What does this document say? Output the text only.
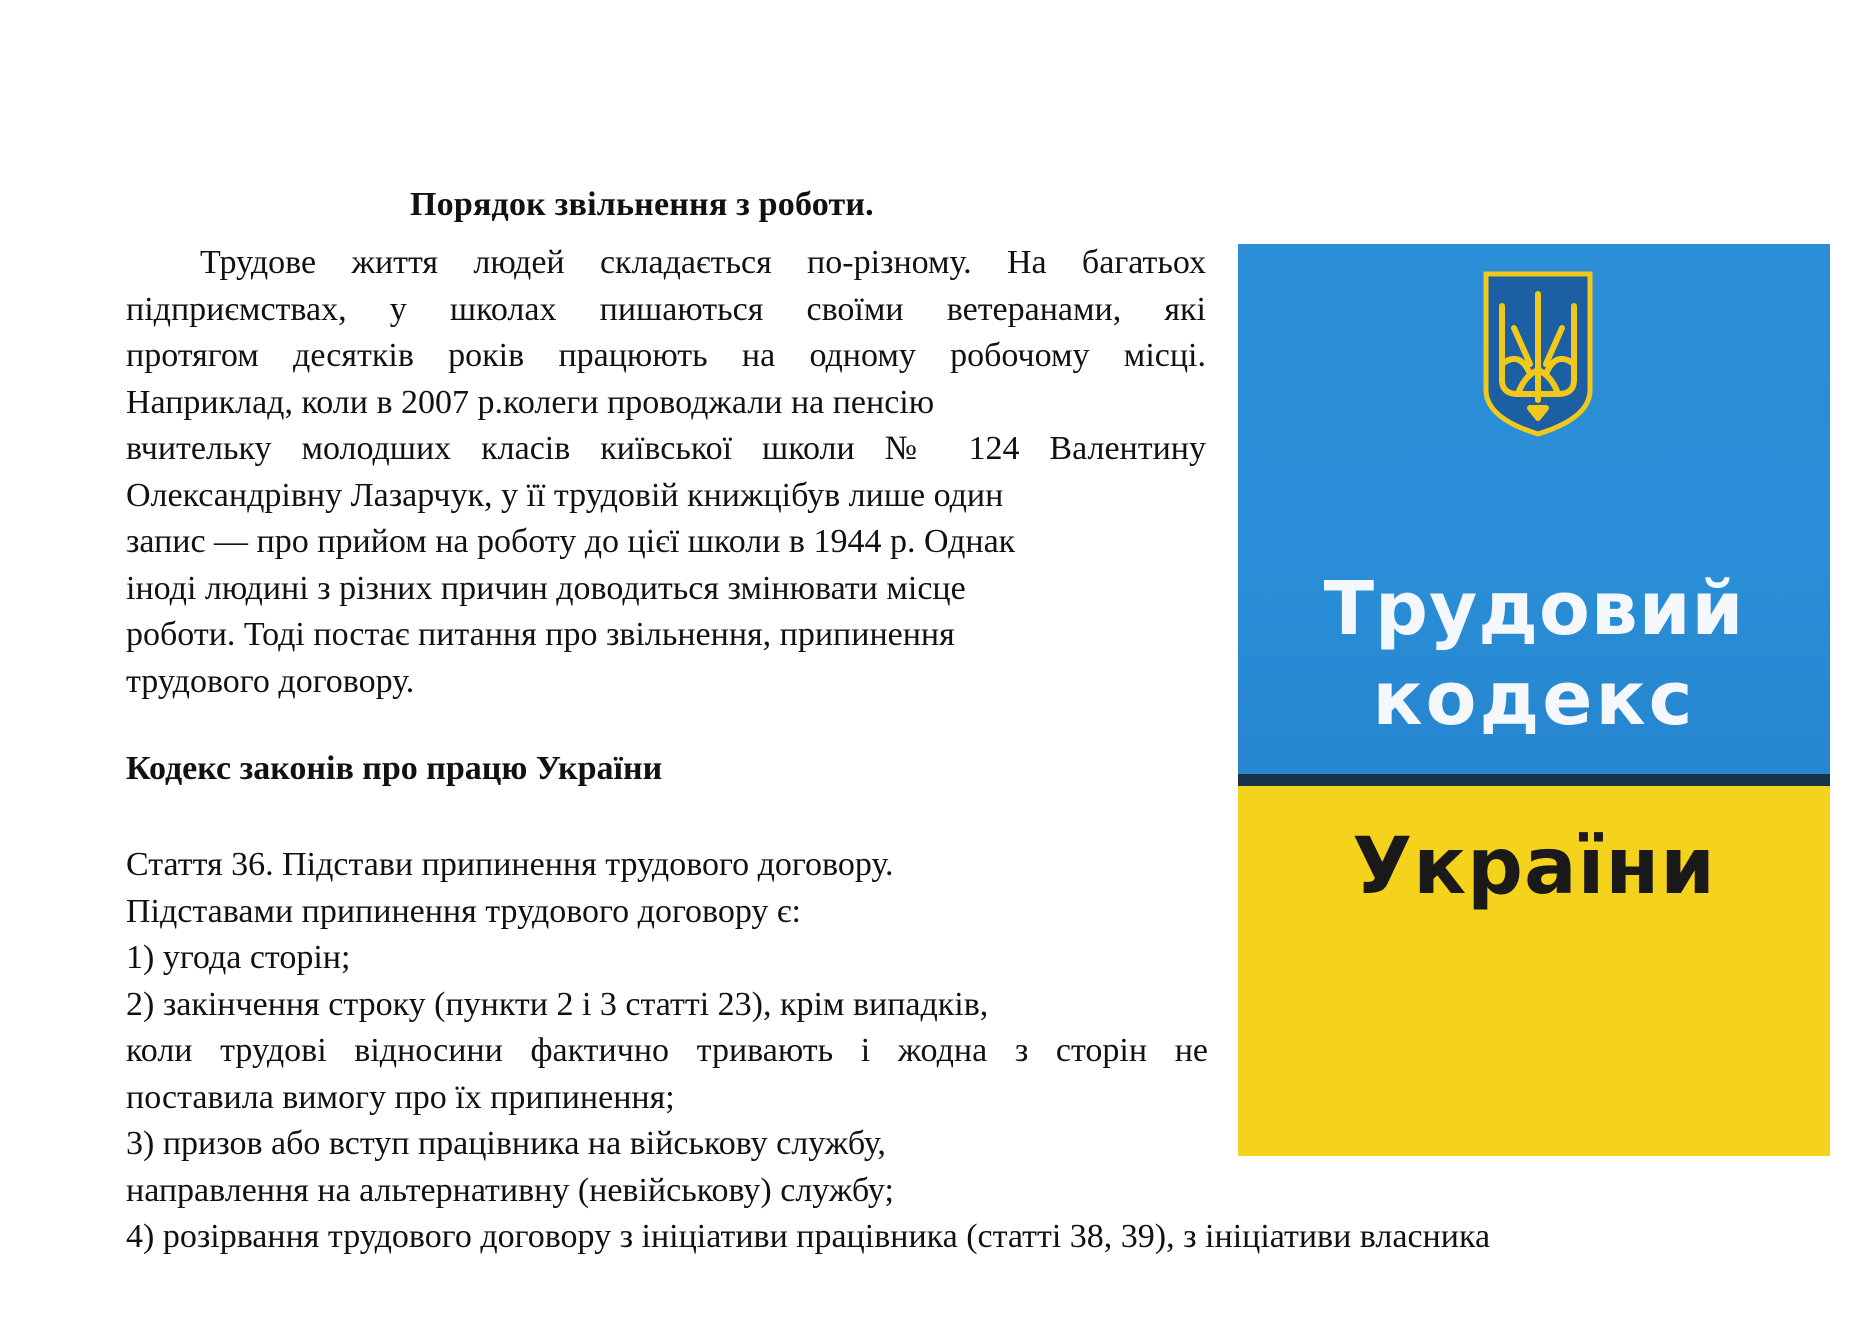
Порядок звільнення з роботи.
Трудове життя людей складається по-різному. На багатьох
підприємствах, у школах пишаються своїми ветеранами, які
протягом десятків років працюють на одному робочому місці.
Наприклад, коли в 2007 р.колеги проводжали на пенсію
вчительку молодших класів київської школи № 124 Валентину
Олександрівну Лазарчук, у її трудовій книжцібув лише один
запис — про прийом на роботу до цієї школи в 1944 р. Однак
іноді людині з різних причин доводиться змінювати місце
роботи. Тоді постає питання про звільнення, припинення
трудового договору.
Кодекс законів про працю України
Стаття 36. Підстави припинення трудового договору.
Підставами припинення трудового договору є:
1) угода сторін;
2) закінчення строку (пункти 2 і 3 статті 23), крім випадків,
коли трудові відносини фактично тривають і жодна з сторін не
поставила вимогу про їх припинення;
3) призов або вступ працівника на військову службу,
направлення на альтернативну (невійськову) службу;
4) розірвання трудового договору з ініціативи працівника (статті 38, 39), з ініціативи власника
Трудовий
кодекс
України
